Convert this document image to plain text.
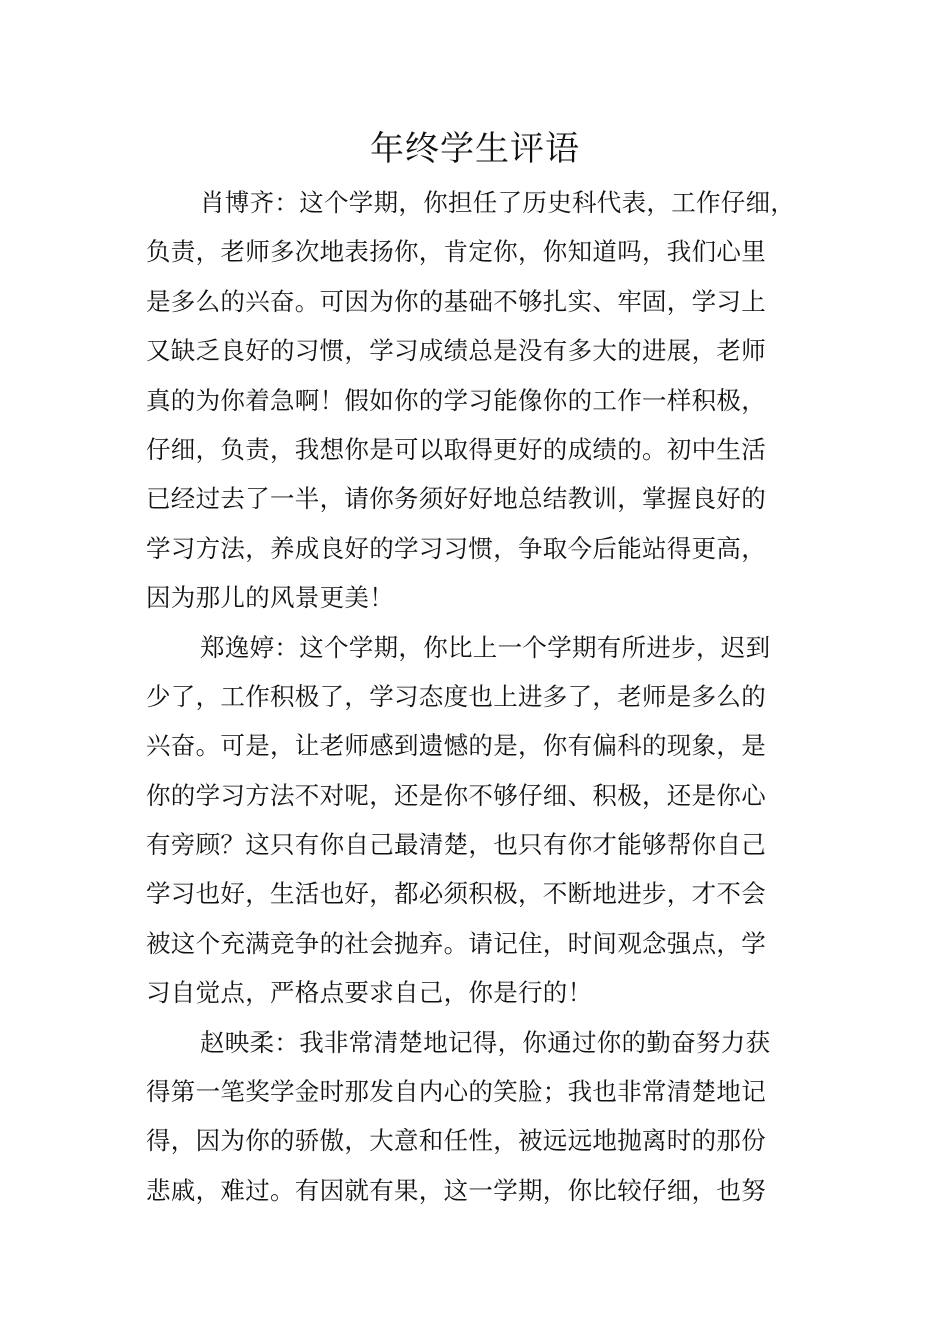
年终学生评语
肖博齐：这个学期，你担任了历史科代表，工作仔细，
负责，老师多次地表扬你，肯定你，你知道吗，我们心里
是多么的兴奋。可因为你的基础不够扎实、牢固，学习上
又缺乏良好的习惯，学习成绩总是没有多大的进展，老师
真的为你着急啊！假如你的学习能像你的工作一样积极，
仔细，负责，我想你是可以取得更好的成绩的。初中生活
已经过去了一半，请你务须好好地总结教训，掌握良好的
学习方法，养成良好的学习习惯，争取今后能站得更高，
因为那儿的风景更美！
郑逸婷：这个学期，你比上一个学期有所进步，迟到
少了，工作积极了，学习态度也上进多了，老师是多么的
兴奋。可是，让老师感到遗憾的是，你有偏科的现象，是
你的学习方法不对呢，还是你不够仔细、积极，还是你心
有旁顾？这只有你自己最清楚，也只有你才能够帮你自己
学习也好，生活也好，都必须积极，不断地进步，才不会
被这个充满竞争的社会抛弃。请记住，时间观念强点，学
习自觉点，严格点要求自己，你是行的！
赵映柔：我非常清楚地记得，你通过你的勤奋努力获
得第一笔奖学金时那发自内心的笑脸；我也非常清楚地记
得，因为你的骄傲，大意和任性，被远远地抛离时的那份
悲戚，难过。有因就有果，这一学期，你比较仔细，也努
